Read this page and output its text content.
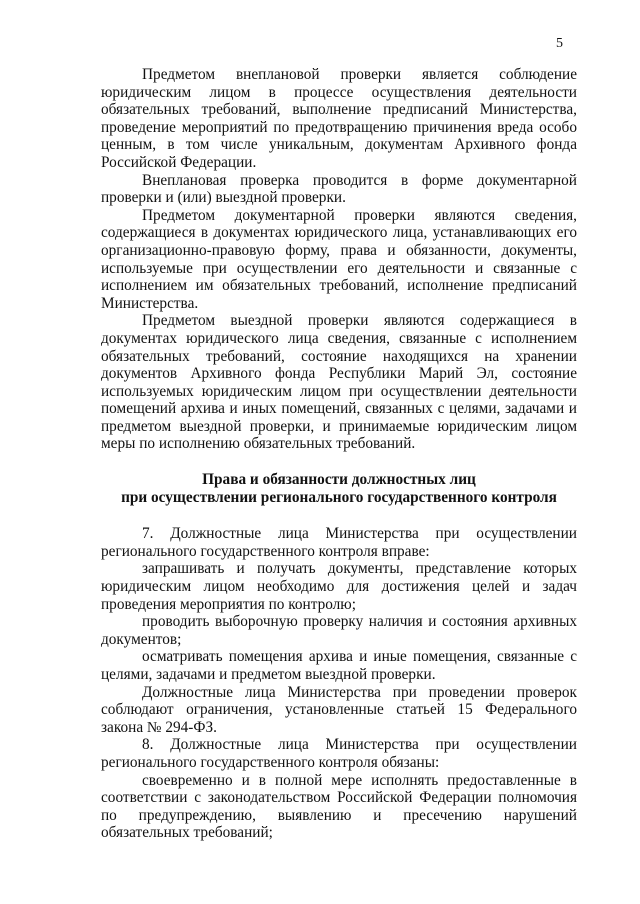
5

Предметом внеплановой проверки является соблюдение юридическим лицом в процессе осуществления деятельности обязательных требований, выполнение предписаний Министерства, проведение мероприятий по предотвращению причинения вреда особо ценным, в том числе уникальным, документам Архивного фонда Российской Федерации.

Внеплановая проверка проводится в форме документарной проверки и (или) выездной проверки.

Предметом документарной проверки являются сведения, содержащиеся в документах юридического лица, устанавливающих его организационно-правовую форму, права и обязанности, документы, используемые при осуществлении его деятельности и связанные с исполнением им обязательных требований, исполнение предписаний Министерства.

Предметом выездной проверки являются содержащиеся в документах юридического лица сведения, связанные с исполнением обязательных требований, состояние находящихся на хранении документов Архивного фонда Республики Марий Эл, состояние используемых юридическим лицом при осуществлении деятельности помещений архива и иных помещений, связанных с целями, задачами и предметом выездной проверки, и принимаемые юридическим лицом меры по исполнению обязательных требований.

Права и обязанности должностных лиц

при осуществлении регионального государственного контроля

7. Должностные лица Министерства при осуществлении регионального государственного контроля вправе:

запрашивать и получать документы, представление которых юридическим лицом необходимо для достижения целей и задач проведения мероприятия по контролю;

проводить выборочную проверку наличия и состояния архивных документов;

осматривать помещения архива и иные помещения, связанные с целями, задачами и предметом выездной проверки.

Должностные лица Министерства при проведении проверок соблюдают ограничения, установленные статьей 15 Федерального закона № 294-ФЗ.

8. Должностные лица Министерства при осуществлении регионального государственного контроля обязаны:

своевременно и в полной мере исполнять предоставленные в соответствии с законодательством Российской Федерации полномочия по предупреждению, выявлению и пресечению нарушений обязательных требований;
